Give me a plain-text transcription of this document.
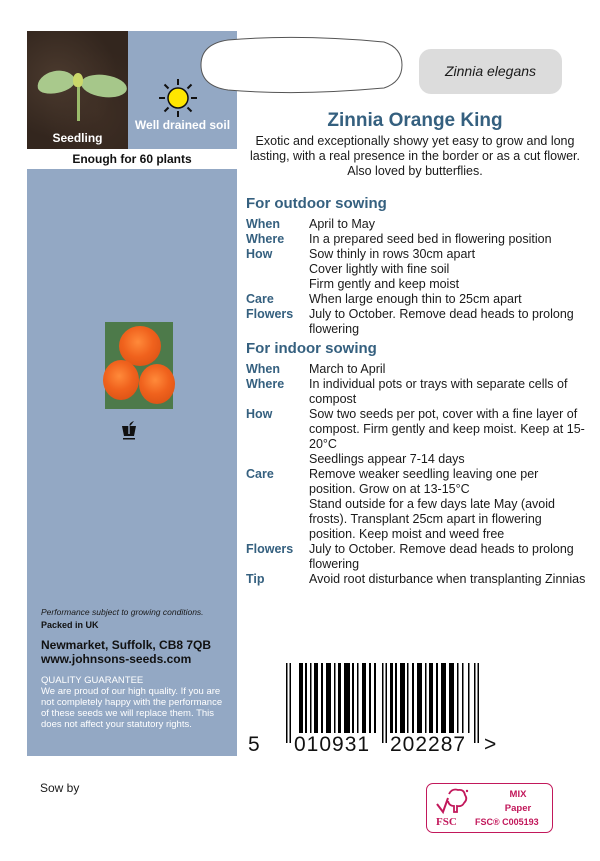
Seedling
Well drained soil
Enough for 60 plants
Performance subject to growing conditions.
Packed in UK
Newmarket, Suffolk, CB8 7QB
www.johnsons-seeds.com
QUALITY GUARANTEE
We are proud of our high quality. If you are not completely happy with the performance of these seeds we will replace them. This does not affect your statutory rights.
Zinnia elegans
Zinnia Orange King
Exotic and exceptionally showy yet easy to grow and long lasting, with a real presence in the border or as a cut flower. Also loved by butterflies.
For outdoor sowing
When	April to May
Where	In a prepared seed bed in flowering position
How	Sow thinly in rows 30cm apart
Cover lightly with fine soil
Firm gently and keep moist
Care	When large enough thin to 25cm apart
Flowers	July to October. Remove dead heads to prolong flowering
For indoor sowing
When	March to April
Where	In individual pots or trays with separate cells of compost
How	Sow two seeds per pot, cover with a fine layer of compost. Firm gently and keep moist. Keep at 15-20°C
Seedlings appear 7-14 days
Care	Remove weaker seedling leaving one per position. Grow on at 13-15°C
Stand outside for a few days late May (avoid frosts). Transplant 25cm apart in flowering position. Keep moist and weed free
Flowers	July to October. Remove dead heads to prolong flowering
Tip	Avoid root disturbance when transplanting Zinnias
5 010931 202287 >
Sow by
FSC
MIX
Paper
FSC® C005193
